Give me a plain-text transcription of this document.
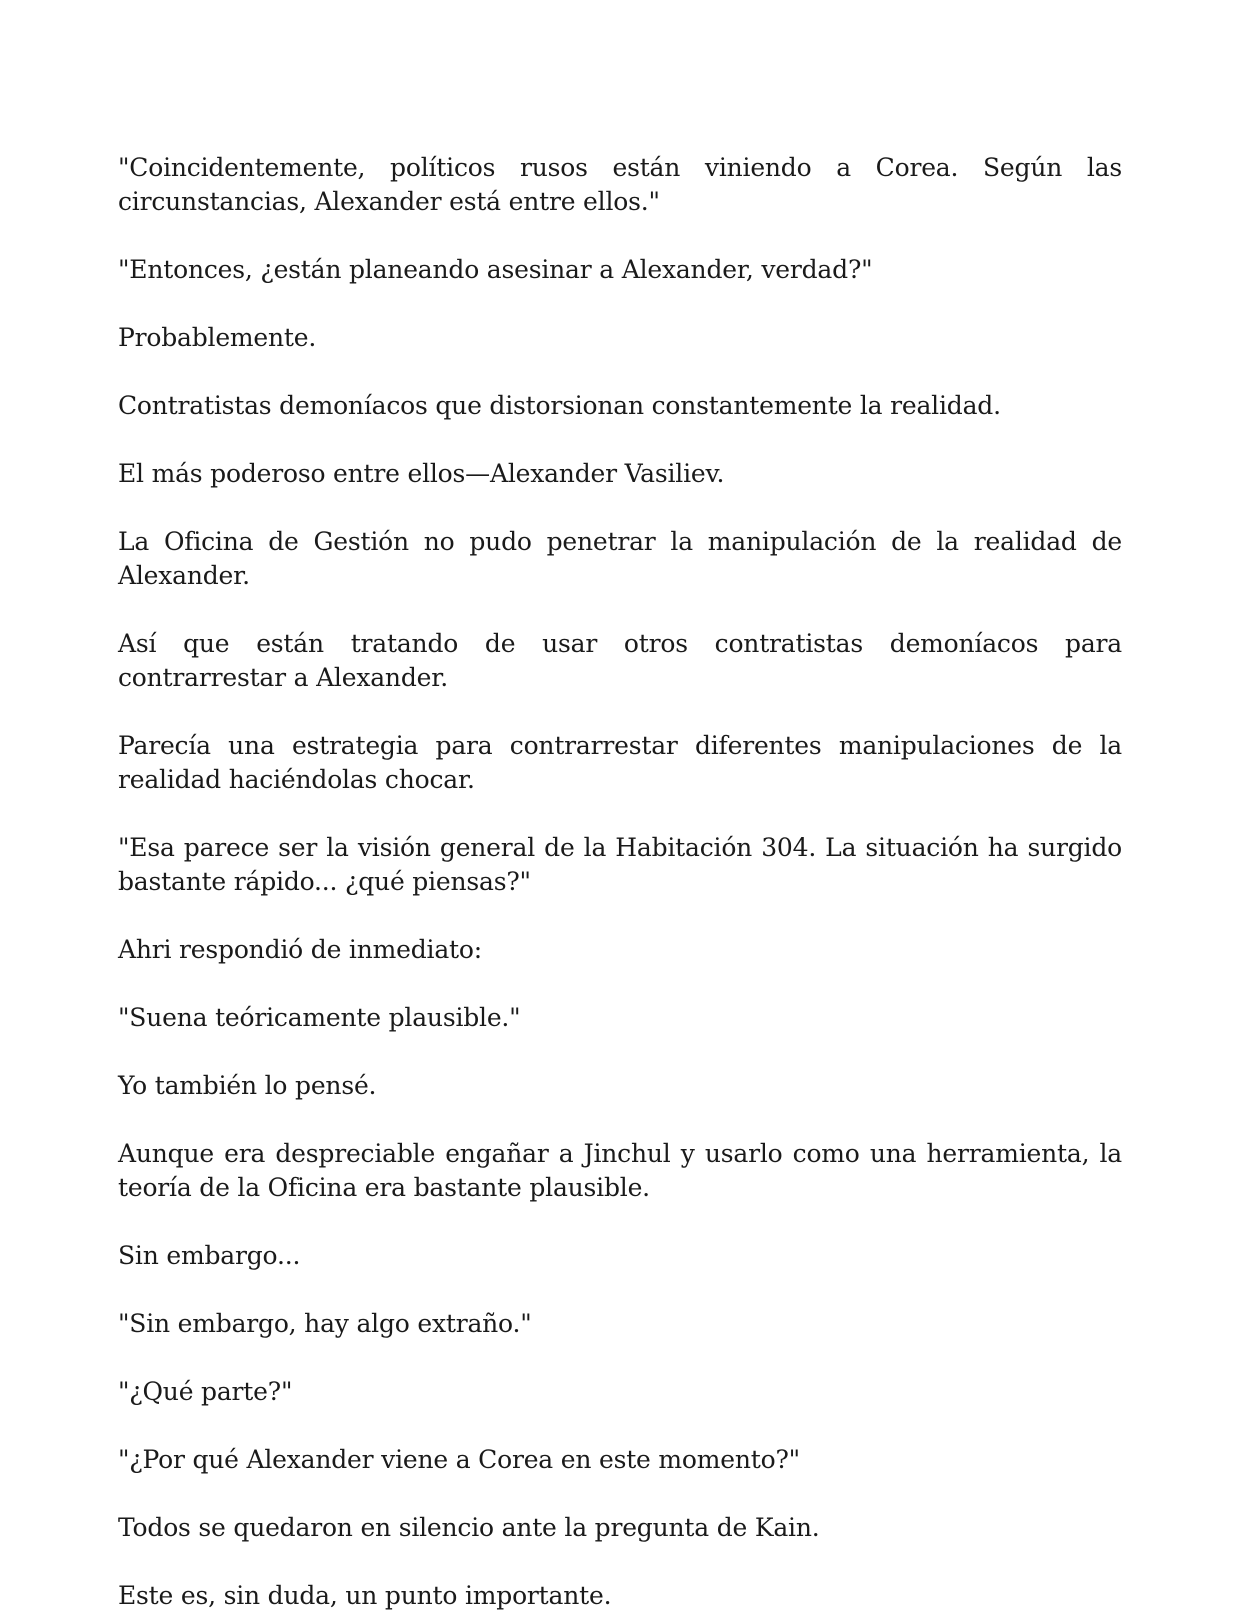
"Coincidentemente, políticos rusos están viniendo a Corea. Según las circunstancias, Alexander está entre ellos."

"Entonces, ¿están planeando asesinar a Alexander, verdad?"

Probablemente.

Contratistas demoníacos que distorsionan constantemente la realidad.

El más poderoso entre ellos—Alexander Vasiliev.

La Oficina de Gestión no pudo penetrar la manipulación de la realidad de Alexander.

Así que están tratando de usar otros contratistas demoníacos para contrarrestar a Alexander.

Parecía una estrategia para contrarrestar diferentes manipulaciones de la realidad haciéndolas chocar.

"Esa parece ser la visión general de la Habitación 304. La situación ha surgido bastante rápido... ¿qué piensas?"

Ahri respondió de inmediato:

"Suena teóricamente plausible."

Yo también lo pensé.

Aunque era despreciable engañar a Jinchul y usarlo como una herramienta, la teoría de la Oficina era bastante plausible.

Sin embargo...

"Sin embargo, hay algo extraño."

"¿Qué parte?"

"¿Por qué Alexander viene a Corea en este momento?"

Todos se quedaron en silencio ante la pregunta de Kain.

Este es, sin duda, un punto importante.
